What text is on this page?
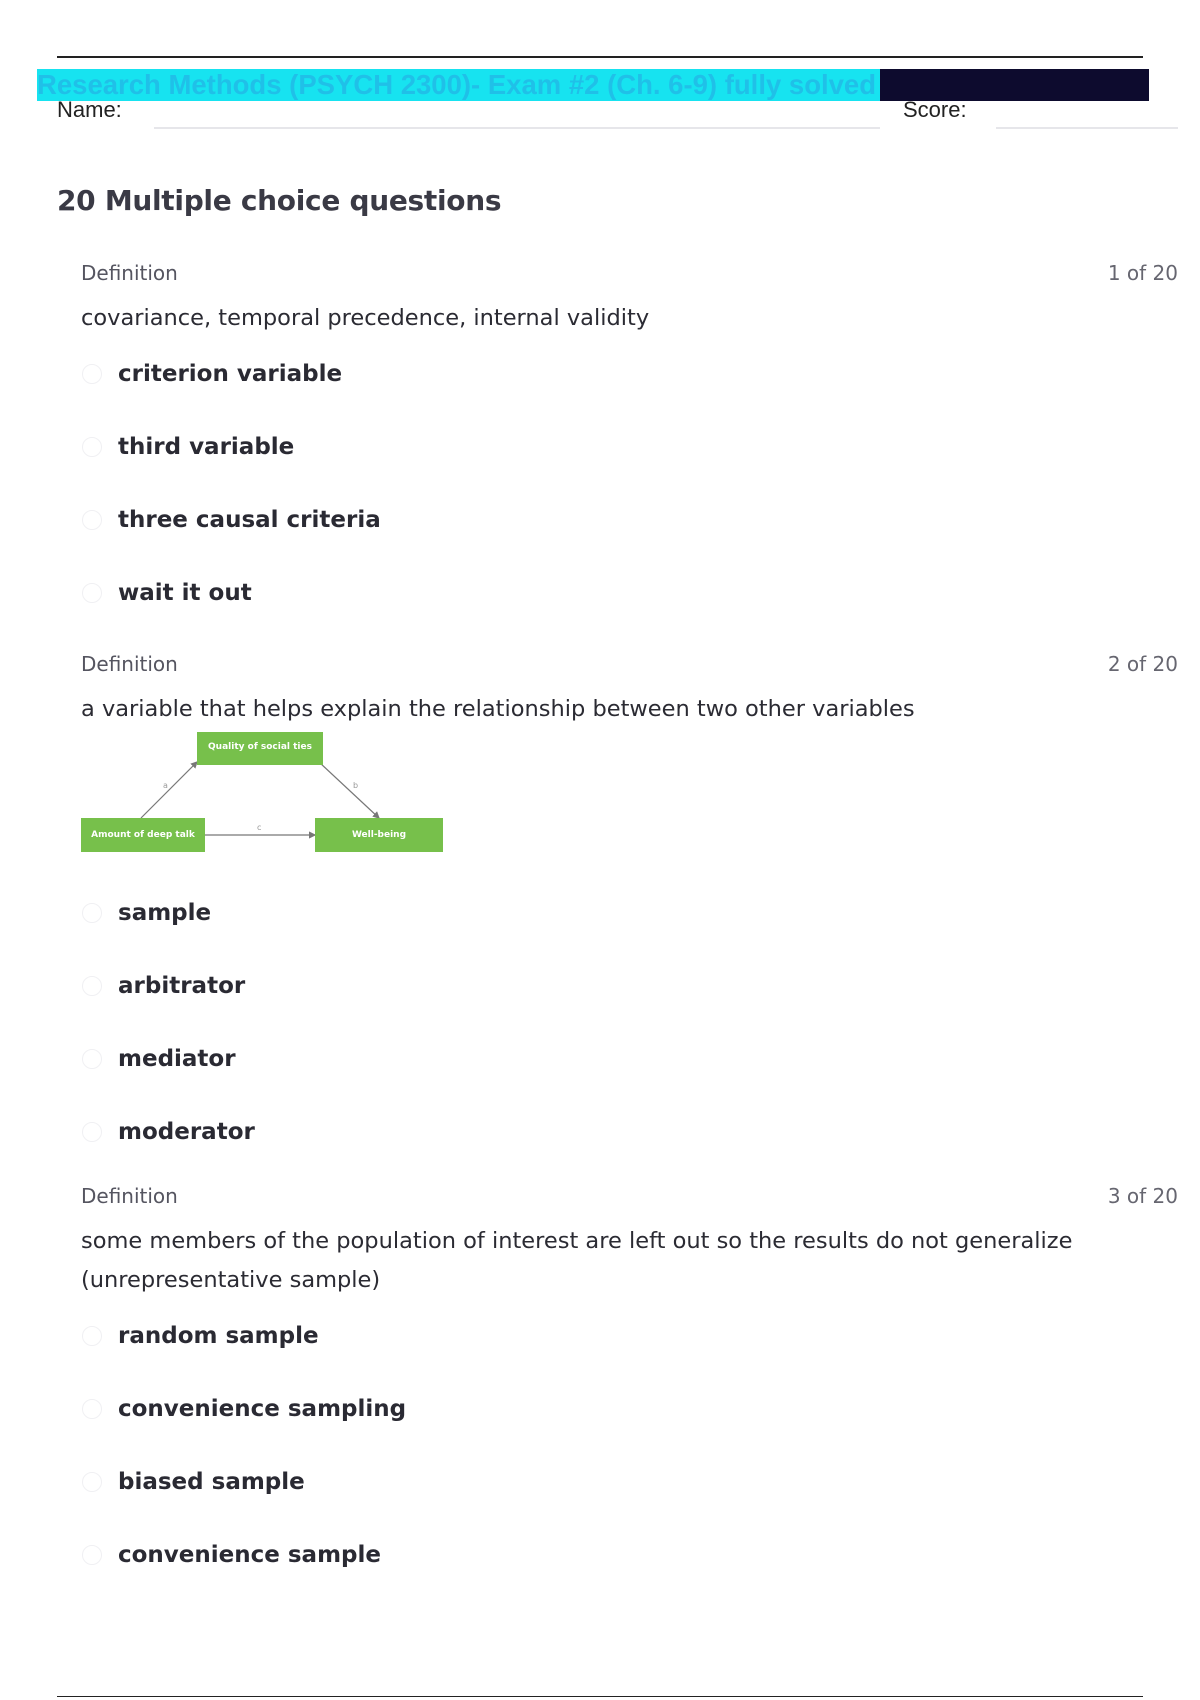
Research Methods (PSYCH 2300)- Exam #2 (Ch. 6-9) fully solved
Name:	Score:
20 Multiple choice questions
Definition	1 of 20
covariance, temporal precedence, internal validity
criterion variable
third variable
three causal criteria
wait it out
Definition	2 of 20
a variable that helps explain the relationship between two other variables
a	b
c
Quality of social ties
Amount of deep talk	Well-being
sample
arbitrator
mediator
moderator
Definition	3 of 20
some members of the population of interest are left out so the results do not generalize (unrepresentative sample)
random sample
convenience sampling
biased sample
convenience sample
